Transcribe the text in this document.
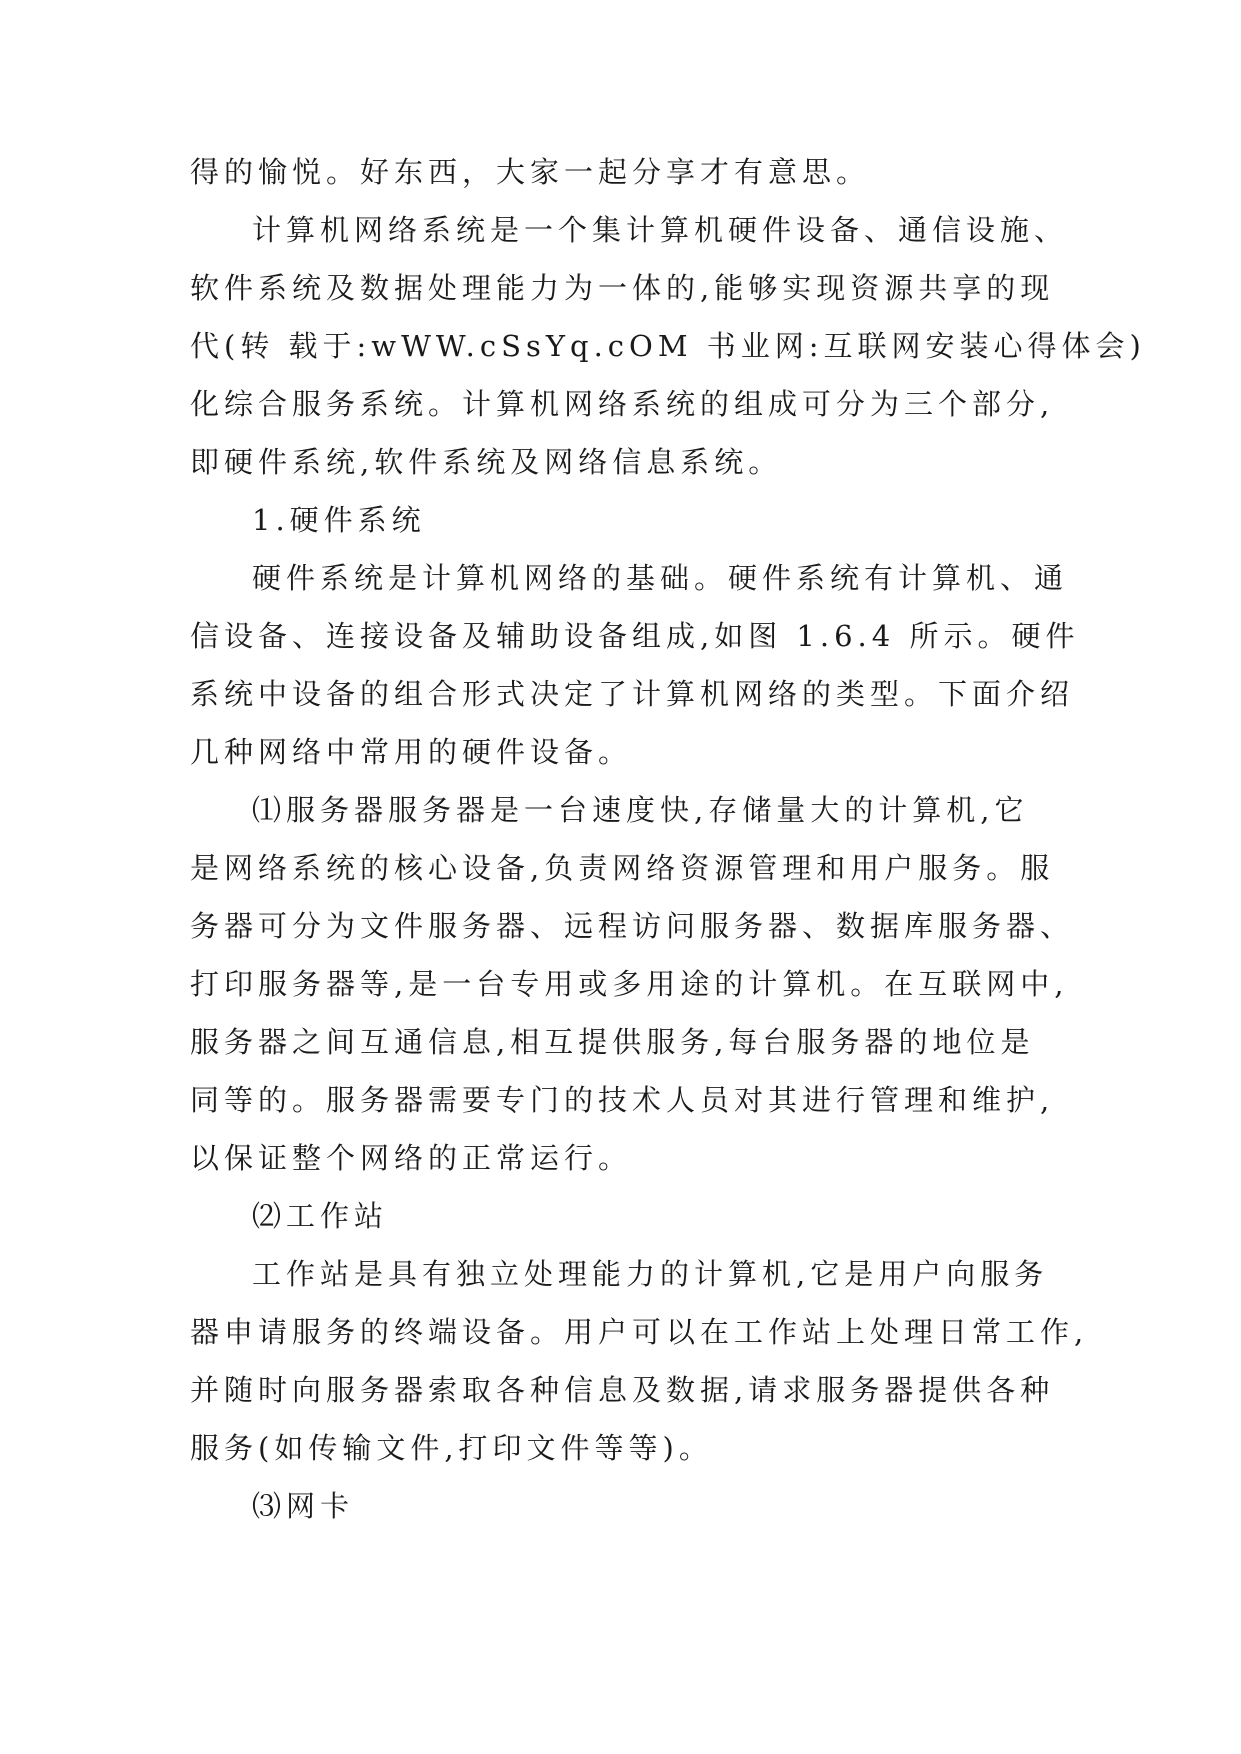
得的愉悦。好东西，大家一起分享才有意思。

计算机网络系统是一个集计算机硬件设备、通信设施、

软件系统及数据处理能力为一体的,能够实现资源共享的现

代(转 载于:wWW.cSsYq.cOM 书业网:互联网安装心得体会)

化综合服务系统。计算机网络系统的组成可分为三个部分,

即硬件系统,软件系统及网络信息系统。

1.硬件系统

硬件系统是计算机网络的基础。硬件系统有计算机、通

信设备、连接设备及辅助设备组成,如图 1.6.4 所示。硬件

系统中设备的组合形式决定了计算机网络的类型。下面介绍

几种网络中常用的硬件设备。

⑴服务器服务器是一台速度快,存储量大的计算机,它

是网络系统的核心设备,负责网络资源管理和用户服务。服

务器可分为文件服务器、远程访问服务器、数据库服务器、

打印服务器等,是一台专用或多用途的计算机。在互联网中,

服务器之间互通信息,相互提供服务,每台服务器的地位是

同等的。服务器需要专门的技术人员对其进行管理和维护,

以保证整个网络的正常运行。

⑵工作站

工作站是具有独立处理能力的计算机,它是用户向服务

器申请服务的终端设备。用户可以在工作站上处理日常工作,

并随时向服务器索取各种信息及数据,请求服务器提供各种

服务(如传输文件,打印文件等等)。

⑶网卡
